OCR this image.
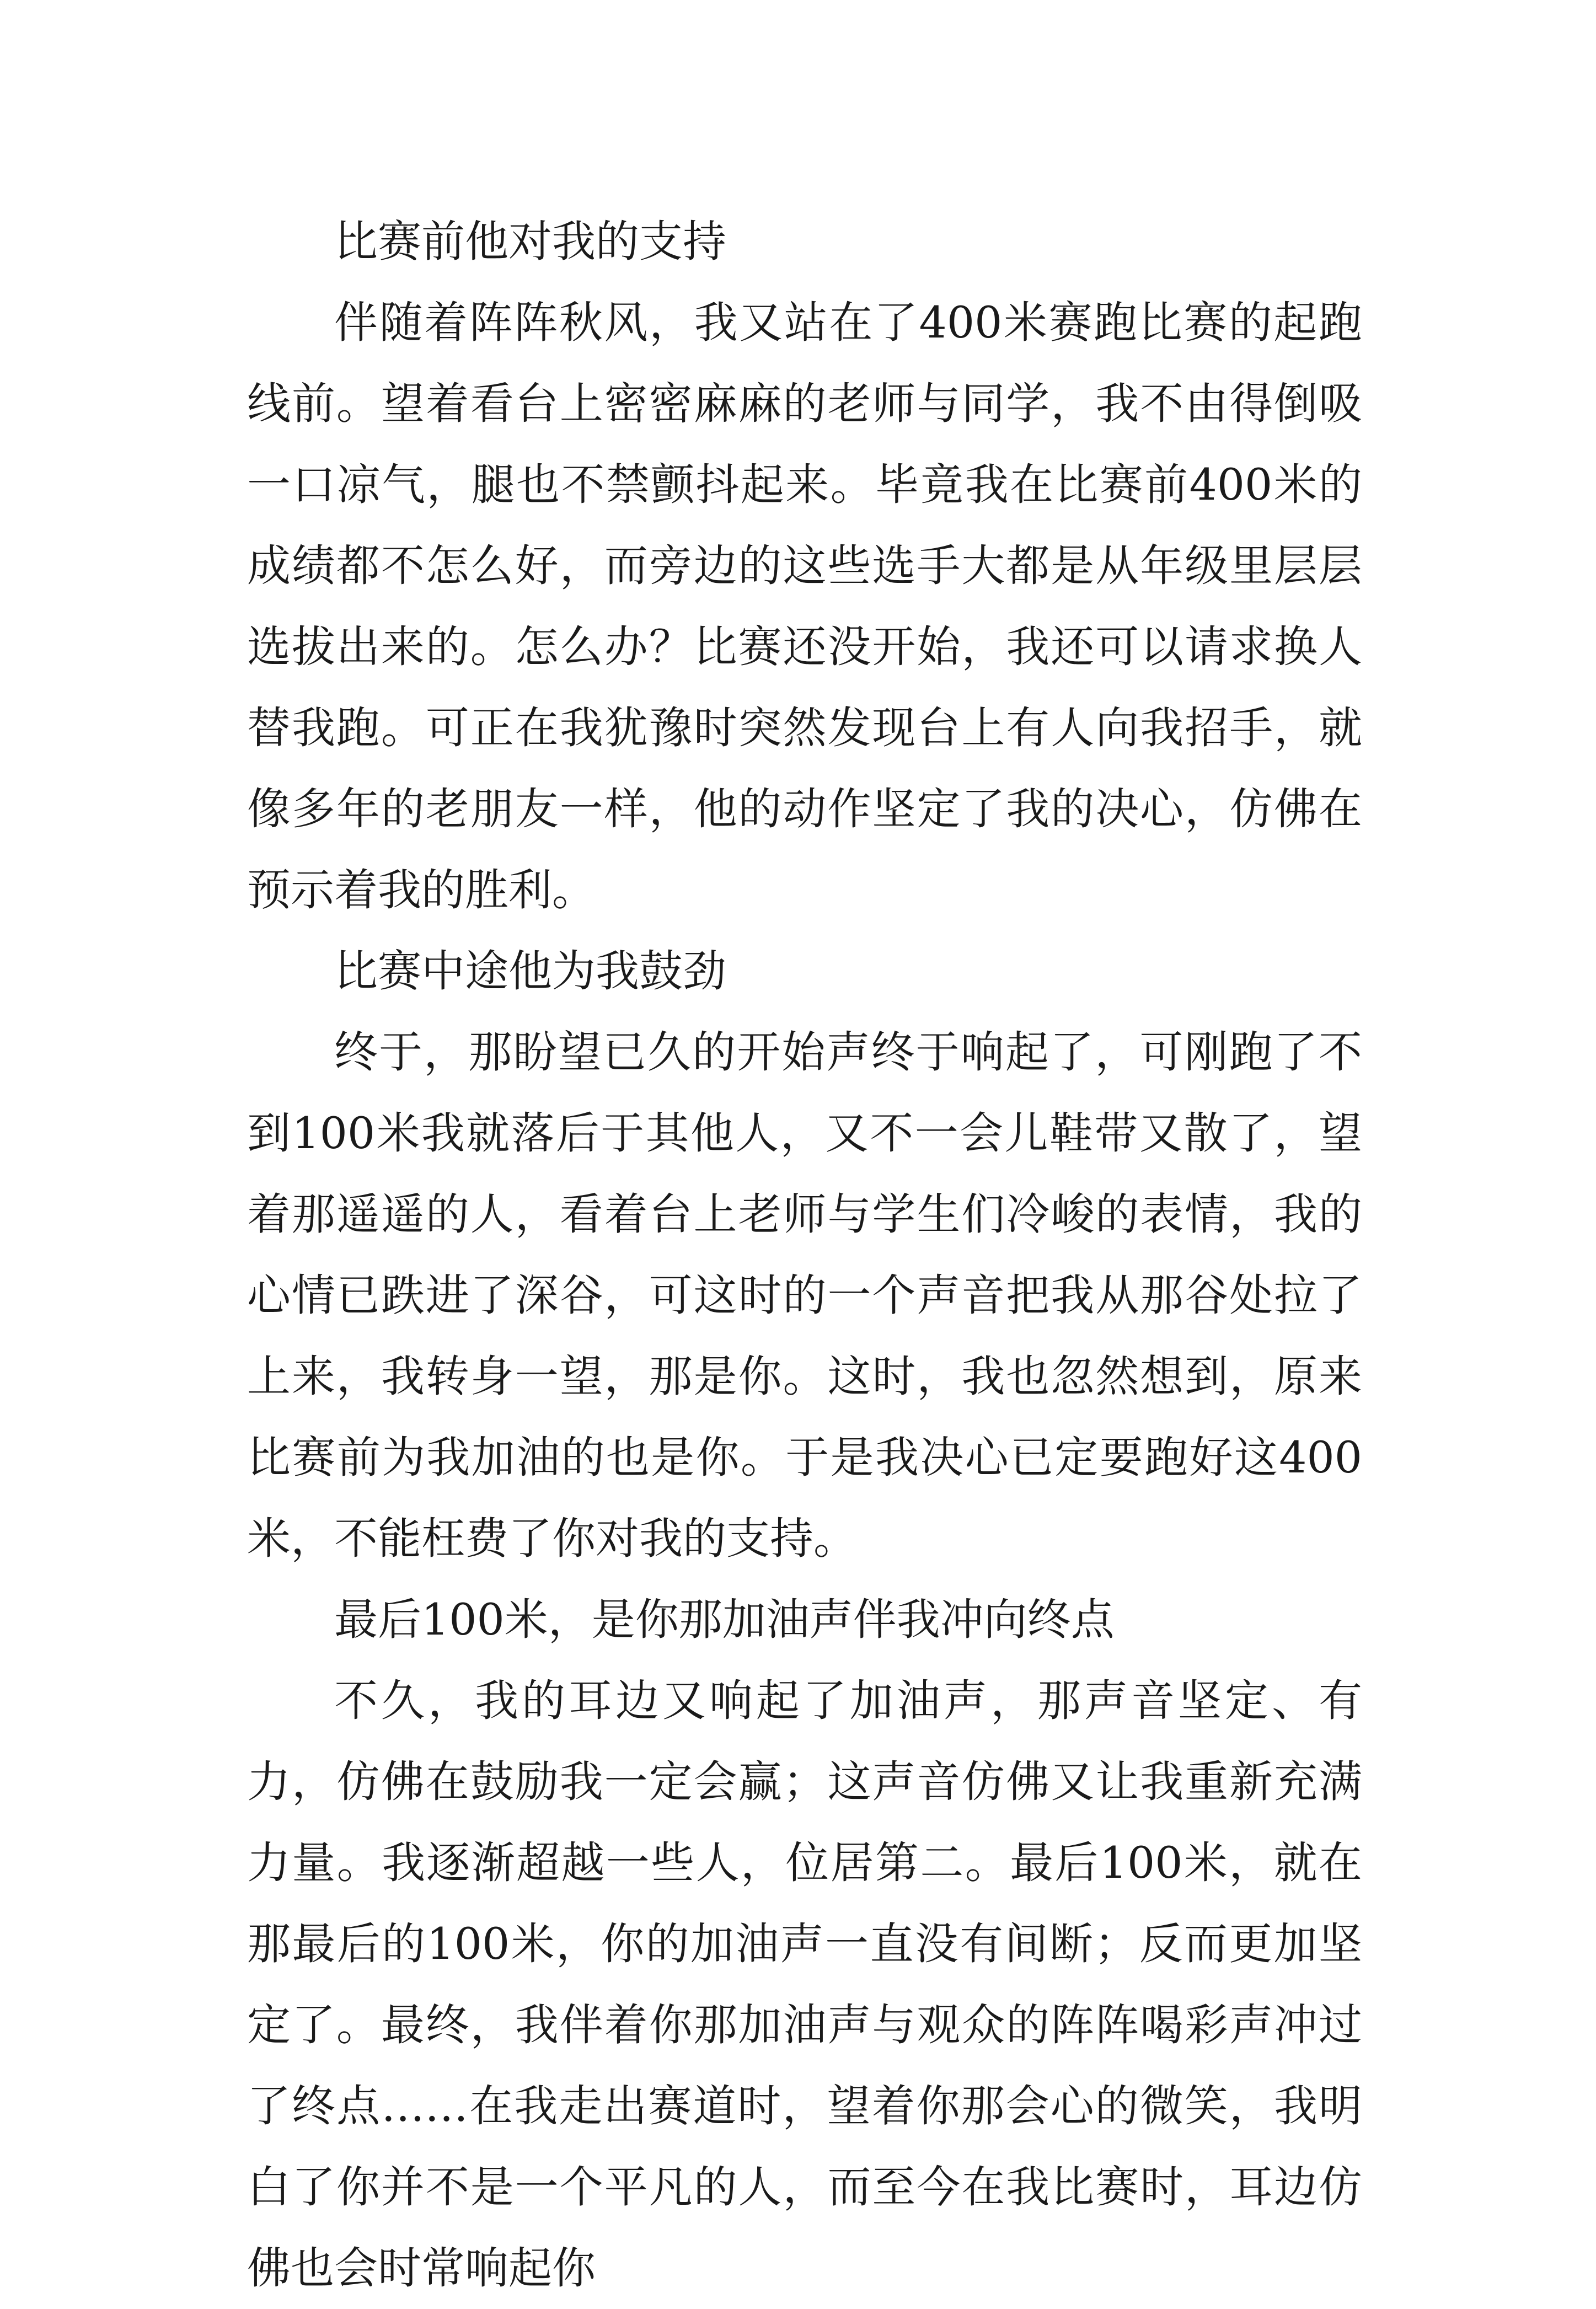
比赛前他对我的支持

伴随着阵阵秋风，我又站在了400米赛跑比赛的起跑线前。望着看台上密密麻麻的老师与同学，我不由得倒吸一口凉气，腿也不禁颤抖起来。毕竟我在比赛前400米的成绩都不怎么好，而旁边的这些选手大都是从年级里层层选拔出来的。怎么办？比赛还没开始，我还可以请求换人替我跑。可正在我犹豫时突然发现台上有人向我招手，就像多年的老朋友一样，他的动作坚定了我的决心，仿佛在预示着我的胜利。

比赛中途他为我鼓劲

终于，那盼望已久的开始声终于响起了，可刚跑了不到100米我就落后于其他人，又不一会儿鞋带又散了，望着那遥遥的人，看着台上老师与学生们冷峻的表情，我的心情已跌进了深谷，可这时的一个声音把我从那谷处拉了上来，我转身一望，那是你。这时，我也忽然想到，原来比赛前为我加油的也是你。于是我决心已定要跑好这400米，不能枉费了你对我的支持。

最后100米，是你那加油声伴我冲向终点

不久，我的耳边又响起了加油声，那声音坚定、有力，仿佛在鼓励我一定会赢；这声音仿佛又让我重新充满力量。我逐渐超越一些人，位居第二。最后100米，就在那最后的100米，你的加油声一直没有间断；反而更加坚定了。最终，我伴着你那加油声与观众的阵阵喝彩声冲过了终点……在我走出赛道时，望着你那会心的微笑，我明白了你并不是一个平凡的人，而至今在我比赛时，耳边仿佛也会时常响起你
